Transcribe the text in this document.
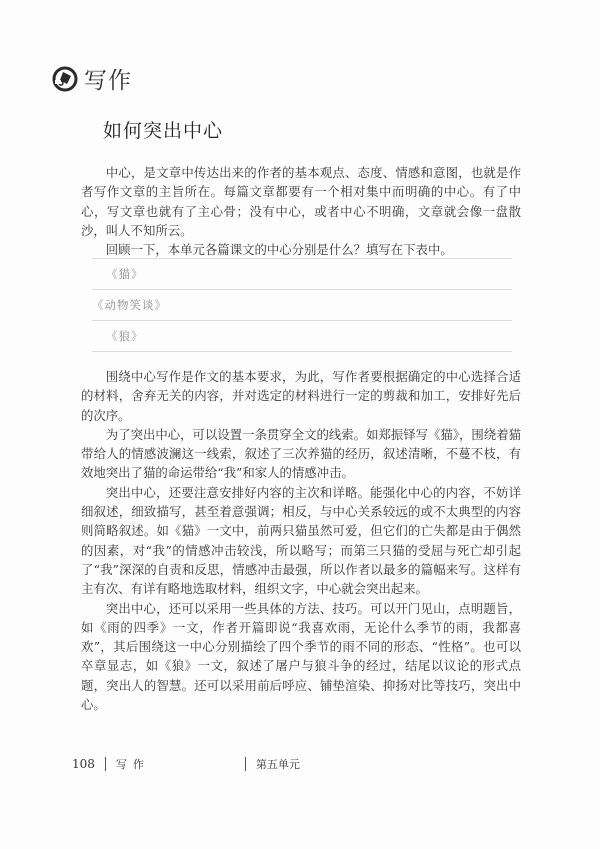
写作
如何突出中心

中心，是文章中传达出来的作者的基本观点、态度、情感和意图，也就是作者写作文章的主旨所在。每篇文章都要有一个相对集中而明确的中心。有了中心，写文章也就有了主心骨；没有中心，或者中心不明确，文章就会像一盘散沙，叫人不知所云。

回顾一下，本单元各篇课文的中心分别是什么？填写在下表中。

《猫》
《动物笑谈》
《狼》

围绕中心写作是作文的基本要求，为此，写作者要根据确定的中心选择合适的材料，舍弃无关的内容，并对选定的材料进行一定的剪裁和加工，安排好先后的次序。

为了突出中心，可以设置一条贯穿全文的线索。如郑振铎写《猫》，围绕着猫带给人的情感波澜这一线索，叙述了三次养猫的经历，叙述清晰，不蔓不枝，有效地突出了猫的命运带给“我”和家人的情感冲击。

突出中心，还要注意安排好内容的主次和详略。能强化中心的内容，不妨详细叙述，细致描写，甚至着意强调；相反，与中心关系较远的或不太典型的内容则简略叙述。如《猫》一文中，前两只猫虽然可爱，但它们的亡失都是由于偶然的因素，对“我”的情感冲击较浅，所以略写；而第三只猫的受屈与死亡却引起了“我”深深的自责和反思，情感冲击最强，所以作者以最多的篇幅来写。这样有主有次、有详有略地选取材料，组织文字，中心就会突出起来。

突出中心，还可以采用一些具体的方法、技巧。可以开门见山，点明题旨，如《雨的四季》一文，作者开篇即说“我喜欢雨，无论什么季节的雨，我都喜欢”，其后围绕这一中心分别描绘了四个季节的雨不同的形态、“性格”。也可以卒章显志，如《狼》一文，叙述了屠户与狼斗争的经过，结尾以议论的形式点题，突出人的智慧。还可以采用前后呼应、铺垫渲染、抑扬对比等技巧，突出中心。

108 写作	第五单元
